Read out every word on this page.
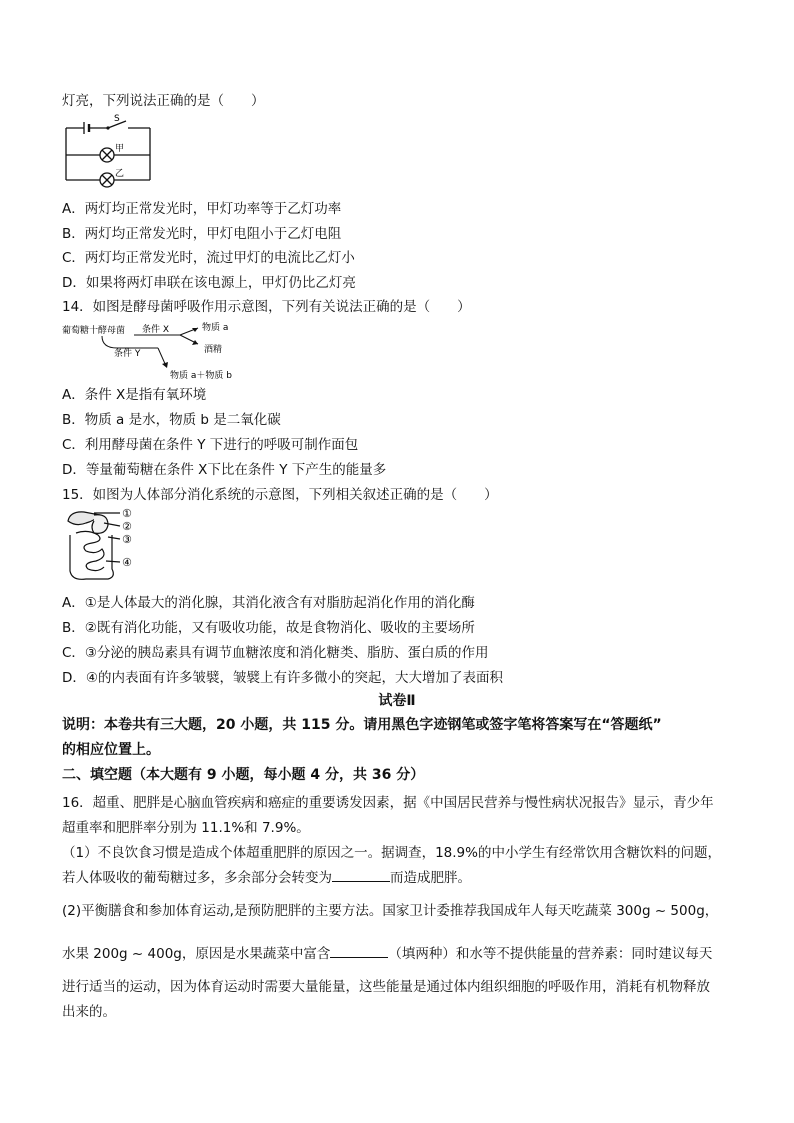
灯亮，下列说法正确的是（　　）
S
甲
乙
A．两灯均正常发光时，甲灯功率等于乙灯功率
B．两灯均正常发光时，甲灯电阻小于乙灯电阻
C．两灯均正常发光时，流过甲灯的电流比乙灯小
D．如果将两灯串联在该电源上，甲灯仍比乙灯亮
14．如图是酵母菌呼吸作用示意图，下列有关说法正确的是（　　）
葡萄糖十酵母菌 条件 X
条件 Y
物质 a
酒精
物质 a＋物质 b
A．条件 X是指有氧环境
B．物质 a 是水，物质 b 是二氧化碳
C．利用酵母菌在条件 Y 下进行的呼吸可制作面包
D．等量葡萄糖在条件 X下比在条件 Y 下产生的能量多
15．如图为人体部分消化系统的示意图，下列相关叙述正确的是（　　）
①
②
③
④
A．①是人体最大的消化腺，其消化液含有对脂肪起消化作用的消化酶
B．②既有消化功能，又有吸收功能，故是食物消化、吸收的主要场所
C．③分泌的胰岛素具有调节血糖浓度和消化糖类、脂肪、蛋白质的作用
D．④的内表面有许多皱襞，皱襞上有许多微小的突起，大大增加了表面积
试卷Ⅱ
说明：本卷共有三大题，20 小题，共 115 分。请用黑色字迹钢笔或签字笔将答案写在“答题纸”
的相应位置上。
二、填空题（本大题有 9 小题，每小题 4 分，共 36 分）
16．超重、肥胖是心脑血管疾病和癌症的重要诱发因素，据《中国居民营养与慢性病状况报告》显示，青少年
超重率和肥胖率分别为 11.1%和 7.9%。
（1）不良饮食习惯是造成个体超重肥胖的原因之一。据调查，18.9%的中小学生有经常饮用含糖饮料的问题，
若人体吸收的葡萄糖过多，多余部分会转变为	而造成肥胖。
(2)平衡膳食和参加体育运动,是预防肥胖的主要方法。国家卫计委推荐我国成年人每天吃蔬菜 300g ~ 500g，
水果 200g ~ 400g，原因是水果蔬菜中富含	（填两种）和水等不提供能量的营养素：同时建议每天
进行适当的运动，因为体育运动时需要大量能量，这些能量是通过体内组织细胞的呼吸作用，消耗有机物释放
出来的。
